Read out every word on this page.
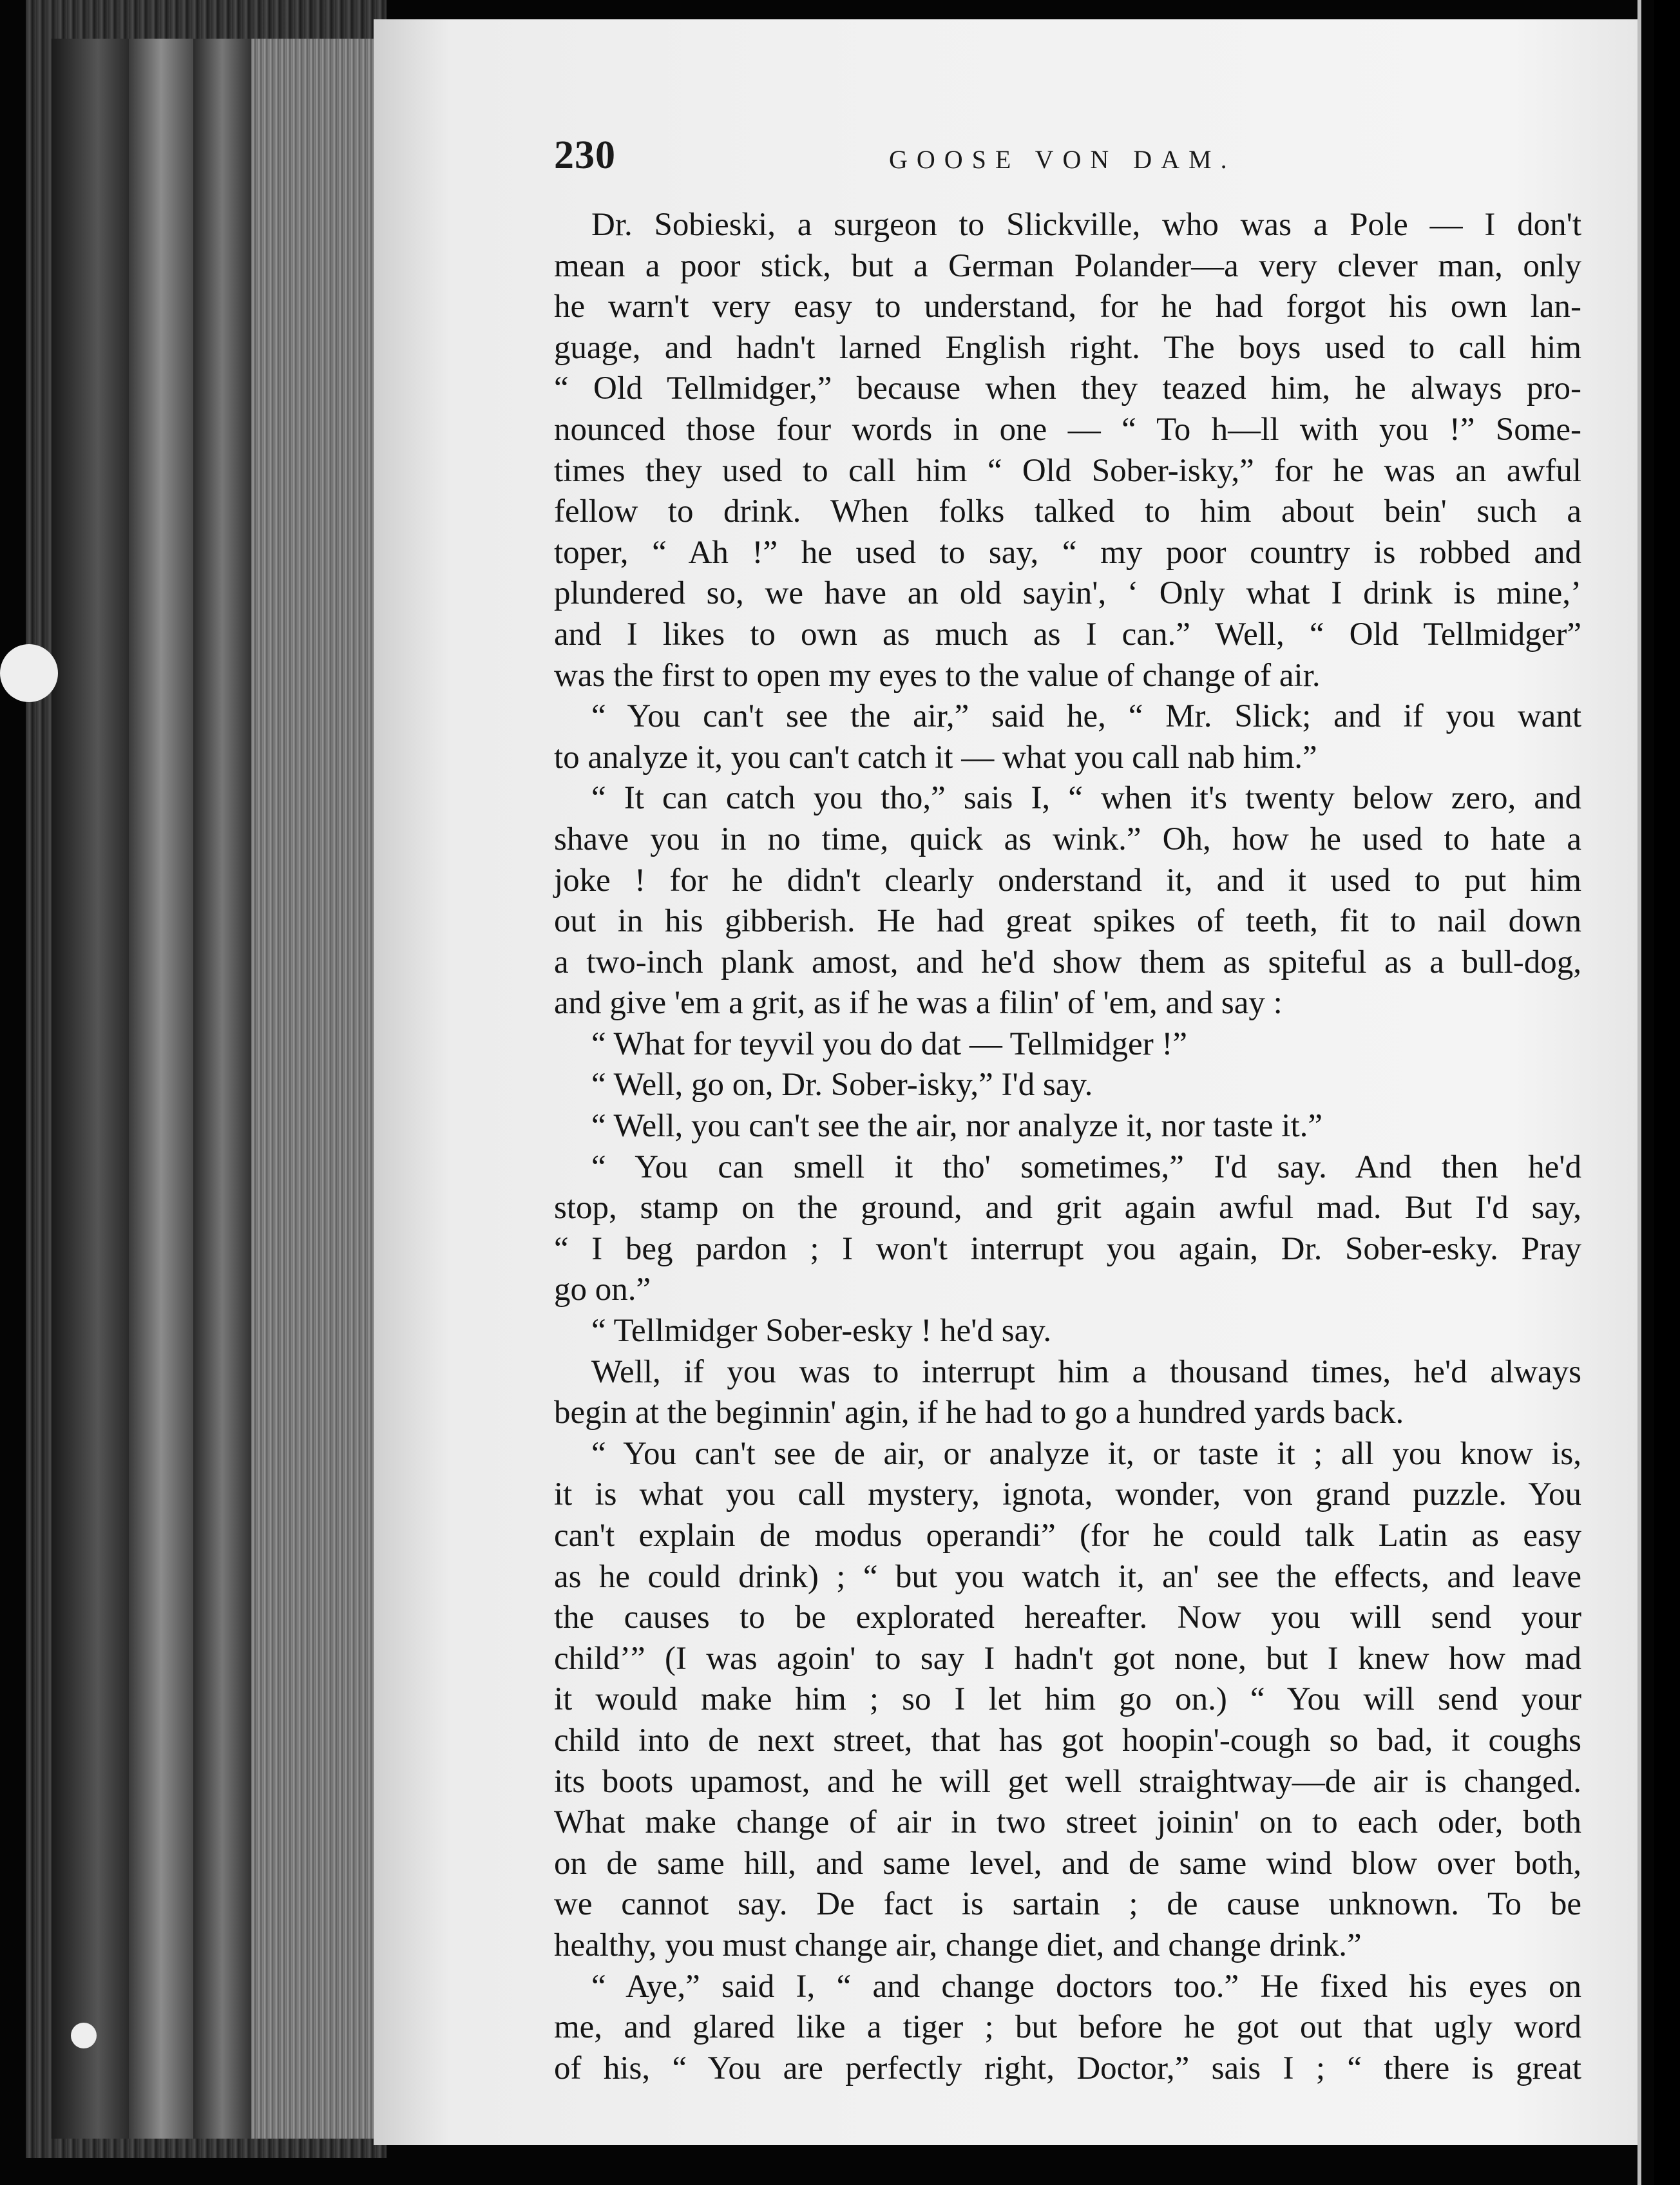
230	GOOSE VON DAM.

Dr. Sobieski, a surgeon to Slickville, who was a Pole — I don't

mean a poor stick, but a German Polander—a very clever man, only

he warn't very easy to understand, for he had forgot his own lan-

guage, and hadn't larned English right. The boys used to call him

“ Old Tellmidger,” because when they teazed him, he always pro-

nounced those four words in one — “ To h—ll with you !” Some-

times they used to call him “ Old Sober-isky,” for he was an awful

fellow to drink. When folks talked to him about bein' such a

toper, “ Ah !” he used to say, “ my poor country is robbed and

plundered so, we have an old sayin', ‘ Only what I drink is mine,’

and I likes to own as much as I can.” Well, “ Old Tellmidger”

was the first to open my eyes to the value of change of air.

“ You can't see the air,” said he, “ Mr. Slick; and if you want

to analyze it, you can't catch it — what you call nab him.”

“ It can catch you tho,” sais I, “ when it's twenty below zero, and

shave you in no time, quick as wink.” Oh, how he used to hate a

joke ! for he didn't clearly onderstand it, and it used to put him

out in his gibberish. He had great spikes of teeth, fit to nail down

a two-inch plank amost, and he'd show them as spiteful as a bull-dog,

and give 'em a grit, as if he was a filin' of 'em, and say :

“ What for teyvil you do dat — Tellmidger !”

“ Well, go on, Dr. Sober-isky,” I'd say.

“ Well, you can't see the air, nor analyze it, nor taste it.”

“ You can smell it tho' sometimes,” I'd say. And then he'd

stop, stamp on the ground, and grit again awful mad. But I'd say,

“ I beg pardon ; I won't interrupt you again, Dr. Sober-esky. Pray

go on.”

“ Tellmidger Sober-esky ! he'd say.

Well, if you was to interrupt him a thousand times, he'd always

begin at the beginnin' agin, if he had to go a hundred yards back.

“ You can't see de air, or analyze it, or taste it ; all you know is,

it is what you call mystery, ignota, wonder, von grand puzzle. You

can't explain de modus operandi” (for he could talk Latin as easy

as he could drink) ; “ but you watch it, an' see the effects, and leave

the causes to be explorated hereafter. Now you will send your

child’” (I was agoin' to say I hadn't got none, but I knew how mad

it would make him ; so I let him go on.) “ You will send your

child into de next street, that has got hoopin'-cough so bad, it coughs

its boots upamost, and he will get well straightway—de air is changed.

What make change of air in two street joinin' on to each oder, both

on de same hill, and same level, and de same wind blow over both,

we cannot say. De fact is sartain ; de cause unknown. To be

healthy, you must change air, change diet, and change drink.”

“ Aye,” said I, “ and change doctors too.” He fixed his eyes on

me, and glared like a tiger ; but before he got out that ugly word

of his, “ You are perfectly right, Doctor,” sais I ; “ there is great
